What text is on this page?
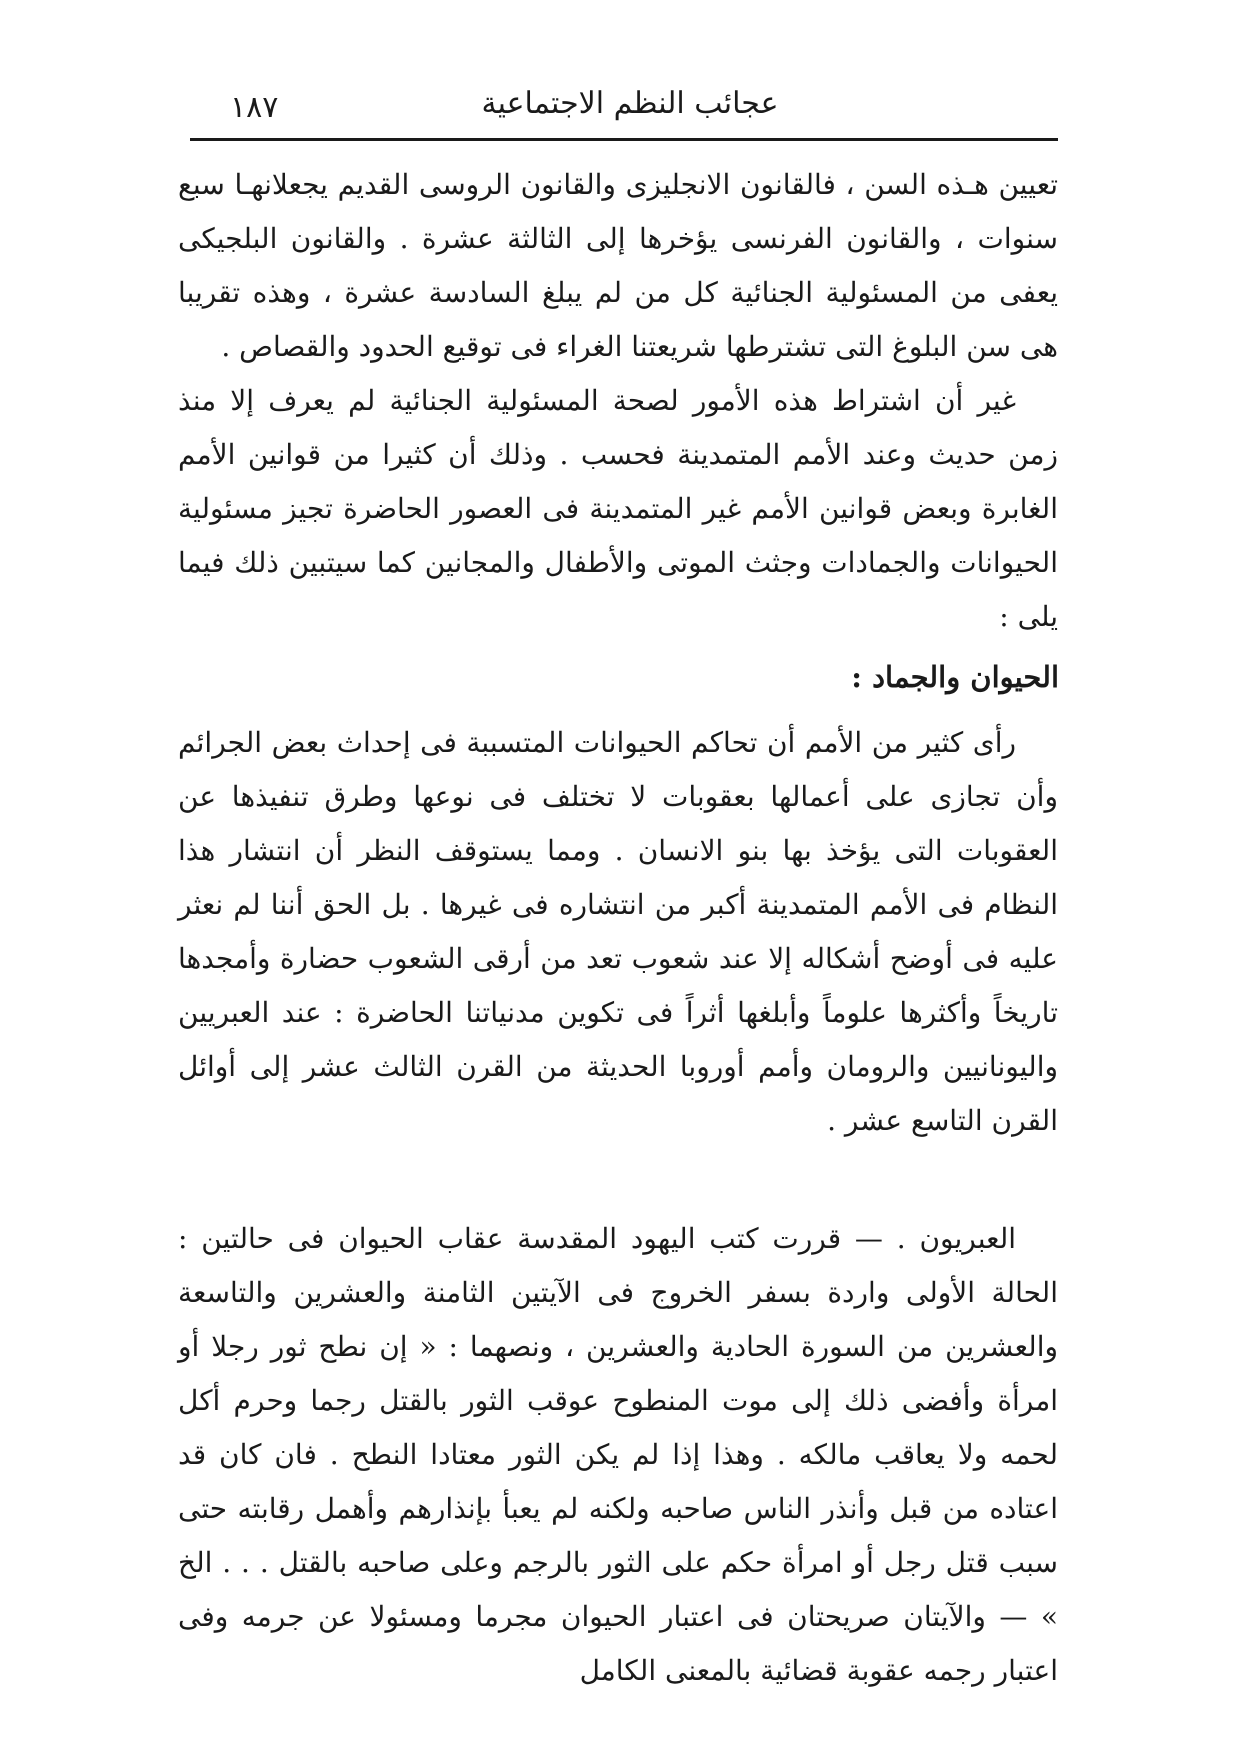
١٨٧	عجائب النظم الاجتماعية

تعيين هـذه السن ، فالقانون الانجليزى والقانون الروسى القديم يجعلانهـا سبع سنوات ، والقانون الفرنسى يؤخرها إلى الثالثة عشرة . والقانون البلجيكى يعفى من المسئولية الجنائية كل من لم يبلغ السادسة عشرة ، وهذه تقريبا هى سن البلوغ التى تشترطها شريعتنا الغراء فى توقيع الحدود والقصاص .

غير أن اشتراط هذه الأمور لصحة المسئولية الجنائية لم يعرف إلا منذ زمن حديث وعند الأمم المتمدينة فحسب . وذلك أن كثيرا من قوانين الأمم الغابرة وبعض قوانين الأمم غير المتمدينة فى العصور الحاضرة تجيز مسئولية الحيوانات والجمادات وجثث الموتى والأطفال والمجانين كما سيتبين ذلك فيما يلى :

الحيوان والجماد :

رأى كثير من الأمم أن تحاكم الحيوانات المتسببة فى إحداث بعض الجرائم وأن تجازى على أعمالها بعقوبات لا تختلف فى نوعها وطرق تنفيذها عن العقوبات التى يؤخذ بها بنو الانسان . ومما يستوقف النظر أن انتشار هذا النظام فى الأمم المتمدينة أكبر من انتشاره فى غيرها . بل الحق أننا لم نعثر عليه فى أوضح أشكاله إلا عند شعوب تعد من أرقى الشعوب حضارة وأمجدها تاريخاً وأكثرها علوماً وأبلغها أثراً فى تكوين مدنياتنا الحاضرة : عند العبريين واليونانيين والرومان وأمم أوروبا الحديثة من القرن الثالث عشر إلى أوائل القرن التاسع عشر .

العبريون . — قررت كتب اليهود المقدسة عقاب الحيوان فى حالتين : الحالة الأولى واردة بسفر الخروج فى الآيتين الثامنة والعشرين والتاسعة والعشرين من السورة الحادية والعشرين ، ونصهما : « إن نطح ثور رجلا أو امرأة وأفضى ذلك إلى موت المنطوح عوقب الثور بالقتل رجما وحرم أكل لحمه ولا يعاقب مالكه . وهذا إذا لم يكن الثور معتادا النطح . فان كان قد اعتاده من قبل وأنذر الناس صاحبه ولكنه لم يعبأ بإنذارهم وأهمل رقابته حتى سبب قتل رجل أو امرأة حكم على الثور بالرجم وعلى صاحبه بالقتل . . . الخ » — والآيتان صريحتان فى اعتبار الحيوان مجرما ومسئولا عن جرمه وفى اعتبار رجمه عقوبة قضائية بالمعنى الكامل
